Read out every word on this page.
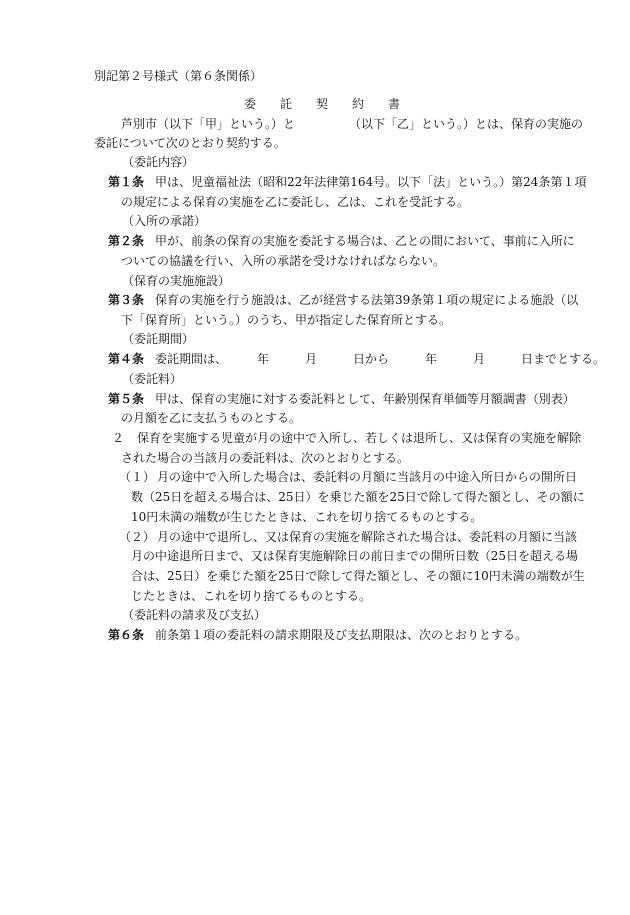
別記第２号様式（第６条関係）
委　　託　　契　　約　　書
芦別市（以下「甲」という。）と　　　　　（以下「乙」という。）とは、保育の実施の
委託について次のとおり契約する。
（委託内容）
第１条 甲は、児童福祉法（昭和22年法律第164号。以下「法」という。）第24条第１項
の規定による保育の実施を乙に委託し、乙は、これを受託する。
（入所の承諾）
第２条 甲が、前条の保育の実施を委託する場合は、乙との間において、事前に入所に
ついての協議を行い、入所の承諾を受けなければならない。
（保育の実施施設）
第３条 保育の実施を行う施設は、乙が経営する法第39条第１項の規定による施設（以
下「保育所」という。）のうち、甲が指定した保育所とする。
（委託期間）
第４条 委託期間は、　　　年　　　月　　　日から　　　年　　　月　　　日までとする。
（委託料）
第５条 甲は、保育の実施に対する委託料として、年齢別保育単価等月額調書（別表）
の月額を乙に支払うものとする。
２ 保育を実施する児童が月の途中で入所し、若しくは退所し、又は保育の実施を解除
された場合の当該月の委託料は、次のとおりとする。
（１） 月の途中で入所した場合は、委託料の月額に当該月の中途入所日からの開所日
数（25日を超える場合は、25日）を乗じた額を25日で除して得た額とし、その額に
10円未満の端数が生じたときは、これを切り捨てるものとする。
（２） 月の途中で退所し、又は保育の実施を解除された場合は、委託料の月額に当該
月の中途退所日まで、又は保育実施解除日の前日までの開所日数（25日を超える場
合は、25日）を乗じた額を25日で除して得た額とし、その額に10円未満の端数が生
じたときは、これを切り捨てるものとする。
（委託料の請求及び支払）
第６条 前条第１項の委託料の請求期限及び支払期限は、次のとおりとする。
